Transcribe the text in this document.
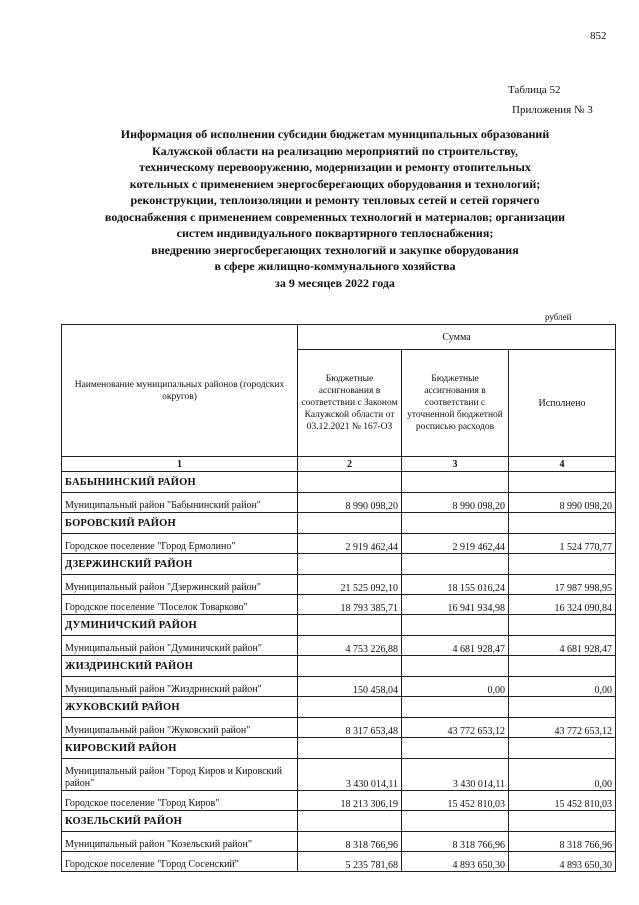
852
Таблица 52
Приложения № 3
Информация об исполнении субсидии бюджетам муниципальных образований
Калужской области на реализацию мероприятий по строительству,
техническому перевооружению, модернизации и ремонту отопительных
котельных с применением энергосберегающих оборудования и технологий;
реконструкции, теплоизоляции и ремонту тепловых сетей и сетей горячего
водоснабжения с применением современных технологий и материалов; организации
систем индивидуального поквартирного теплоснабжения;
внедрению энергосберегающих технологий и закупке оборудования
в сфере жилищно-коммунального хозяйства
за 9 месяцев 2022 года
рублей
Наименование муниципальных районов (городских округов)	Сумма		
	Бюджетные ассигнования в соответствии с Законом Калужской области от 03.12.2021 № 167-ОЗ	Бюджетные ассигнования в соответствии с уточненной бюджетной росписью расходов	Исполнено
1	2	3	4
БАБЫНИНСКИЙ РАЙОН			
Муниципальный район "Бабынинский район"	8 990 098,20	8 990 098,20	8 990 098,20
БОРОВСКИЙ РАЙОН			
Городское поселение "Город Ермолино"	2 919 462,44	2 919 462,44	1 524 770,77
ДЗЕРЖИНСКИЙ РАЙОН			
Муниципальный район "Дзержинский район"	21 525 092,10	18 155 016,24	17 987 998,95
Городское поселение "Поселок Товарково"	18 793 385,71	16 941 934,98	16 324 090,84
ДУМИНИЧСКИЙ РАЙОН			
Муниципальный район "Думиничский район"	4 753 226,88	4 681 928,47	4 681 928,47
ЖИЗДРИНСКИЙ РАЙОН			
Муниципальный район "Жиздринский район"	150 458,04	0,00	0,00
ЖУКОВСКИЙ РАЙОН			
Муниципальный район "Жуковский район"	8 317 653,48	43 772 653,12	43 772 653,12
КИРОВСКИЙ РАЙОН			
Муниципальный район "Город Киров и Кировский район"	3 430 014,11	3 430 014,11	0,00
Городское поселение "Город Киров"	18 213 306,19	15 452 810,03	15 452 810,03
КОЗЕЛЬСКИЙ РАЙОН			
Муниципальный район "Козельский район"	8 318 766,96	8 318 766,96	8 318 766,96
Городское поселение "Город Сосенский"	5 235 781,68	4 893 650,30	4 893 650,30
